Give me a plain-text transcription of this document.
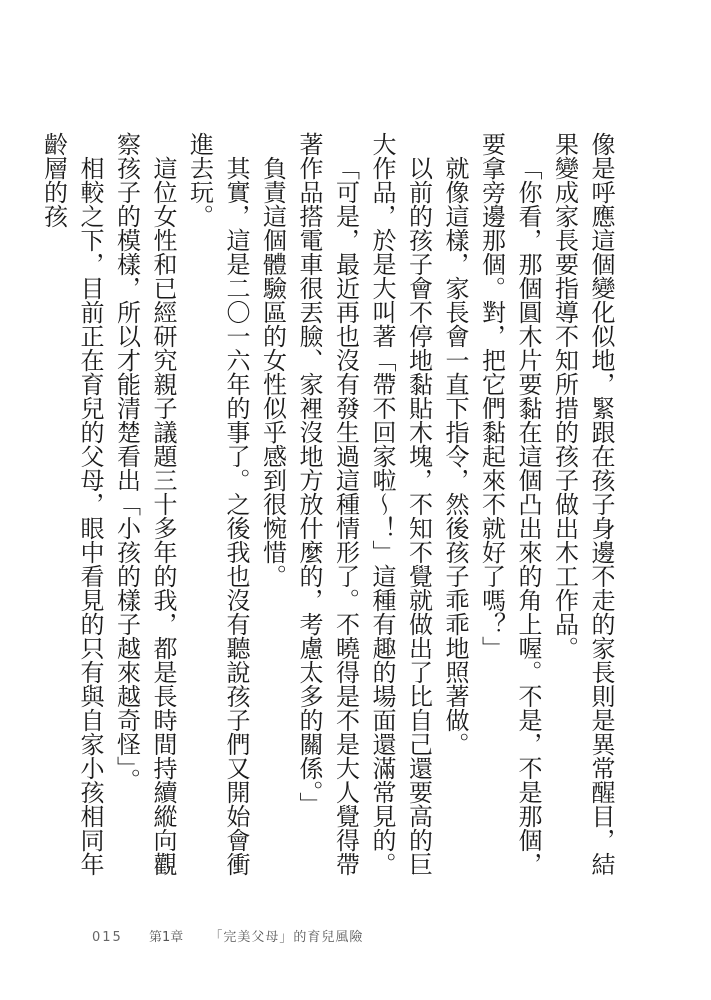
像是呼應這個變化似地，緊跟在孩子身邊不走的家長則是異常醒目，結果變成家長要指導不知所措的孩子做出木工作品。

「你看，那個圓木片要黏在這個凸出來的角上喔。不是，不是那個，要拿旁邊那個。對，把它們黏起來不就好了嗎？」

就像這樣，家長會一直下指令，然後孩子乖乖地照著做。

以前的孩子會不停地黏貼木塊，不知不覺就做出了比自己還要高的巨大作品，於是大叫著「帶不回家啦～！」這種有趣的場面還滿常見的。

「可是，最近再也沒有發生過這種情形了。不曉得是不是大人覺得帶著作品搭電車很丟臉、家裡沒地方放什麼的，考慮太多的關係。」

負責這個體驗區的女性似乎感到很惋惜。

其實，這是二〇一六年的事了。之後我也沒有聽說孩子們又開始會衝進去玩。

這位女性和已經研究親子議題三十多年的我，都是長時間持續縱向觀察孩子的模樣，所以才能清楚看出「小孩的樣子越來越奇怪」。

相較之下，目前正在育兒的父母，眼中看見的只有與自家小孩相同年齡層的孩

015 第1章 「完美父母」的育兒風險
